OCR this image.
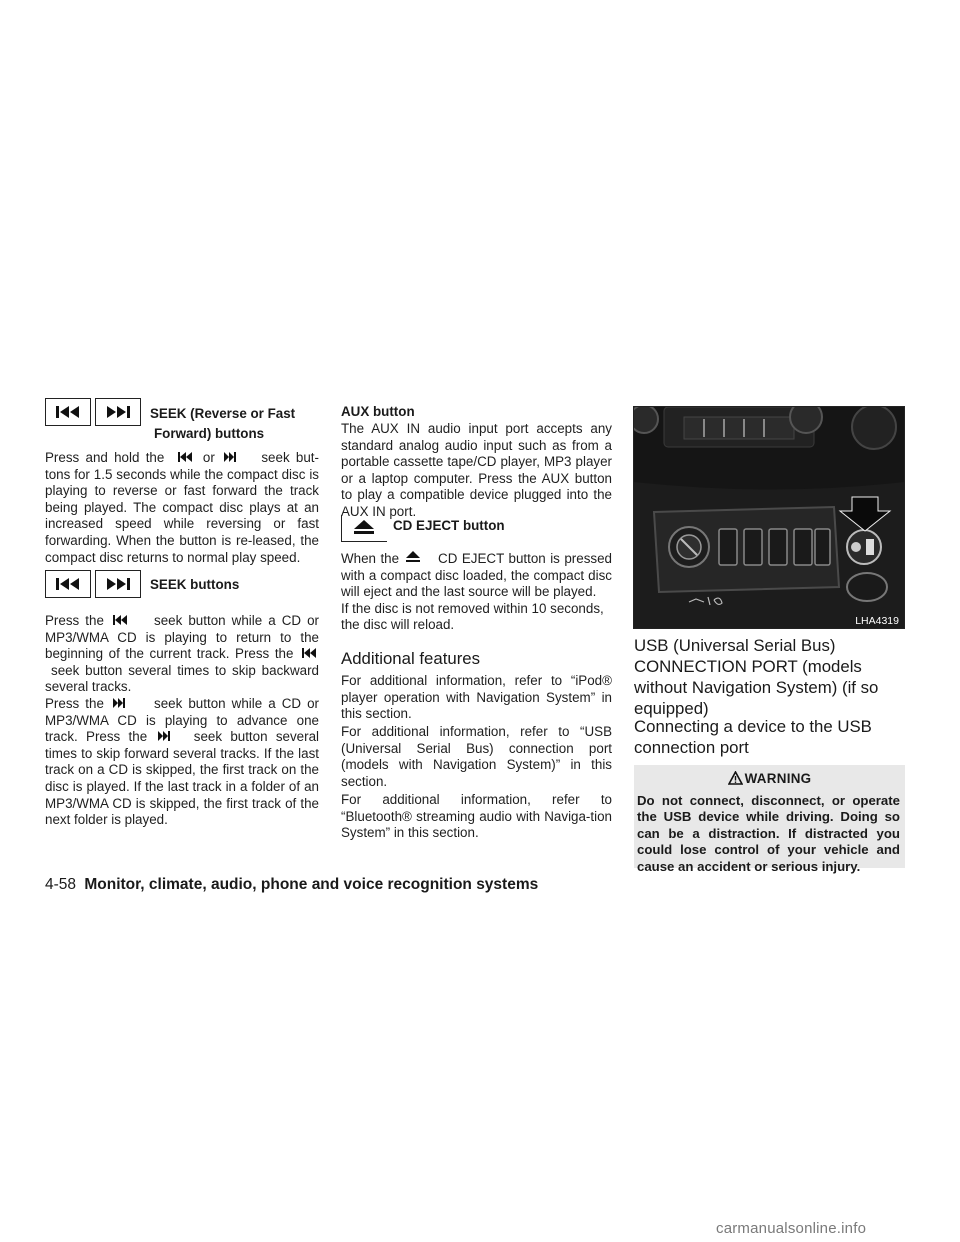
SEEK (Reverse or Fast
Forward) buttons

Press and hold the	or	seek but- tons for 1.5 seconds while the compact disc is playing to reverse or fast forward the track being played. The compact disc plays at an increased speed while reversing or fast forwarding. When the button is re-leased, the compact disc returns to normal play speed.

SEEK buttons

Press the	seek button while a CD or MP3/WMA CD is playing to return to the beginning of the current track. Press the  seek button several times to skip backward several tracks.

Press the	seek button while a CD or MP3/WMA CD is playing to advance one track. Press the	seek button several times to skip forward several tracks. If the last track on a CD is skipped, the first track on the disc is played. If the last track in a folder of an MP3/WMA CD is skipped, the first track of the next folder is played.

AUX button
The AUX IN audio input port accepts any standard analog audio input such as from a portable cassette tape/CD player, MP3 player or a laptop computer. Press the AUX button to play a compatible device plugged into the AUX IN port.
CD EJECT button

When the	CD EJECT button is pressed with a compact disc loaded, the compact disc will eject and the last source will be played.

If the disc is not removed within 10 seconds, the disc will reload.

Additional features
For additional information, refer to “iPod® player operation with Navigation System” in this section.
For additional information, refer to “USB (Universal Serial Bus) connection port (models with Navigation System)” in this section.
For additional information, refer to “Bluetooth® streaming audio with Naviga-tion System” in this section.
LHA4319
USB (Universal Serial Bus) CONNECTION PORT (models without Navigation System) (if so equipped)
Connecting a device to the USB connection port
WARNING
Do not connect, disconnect, or operate the USB device while driving. Doing so can be a distraction. If distracted you could lose control of your vehicle and cause an accident or serious injury.
4-58 Monitor, climate, audio, phone and voice recognition systems
carmanualsonline.info
